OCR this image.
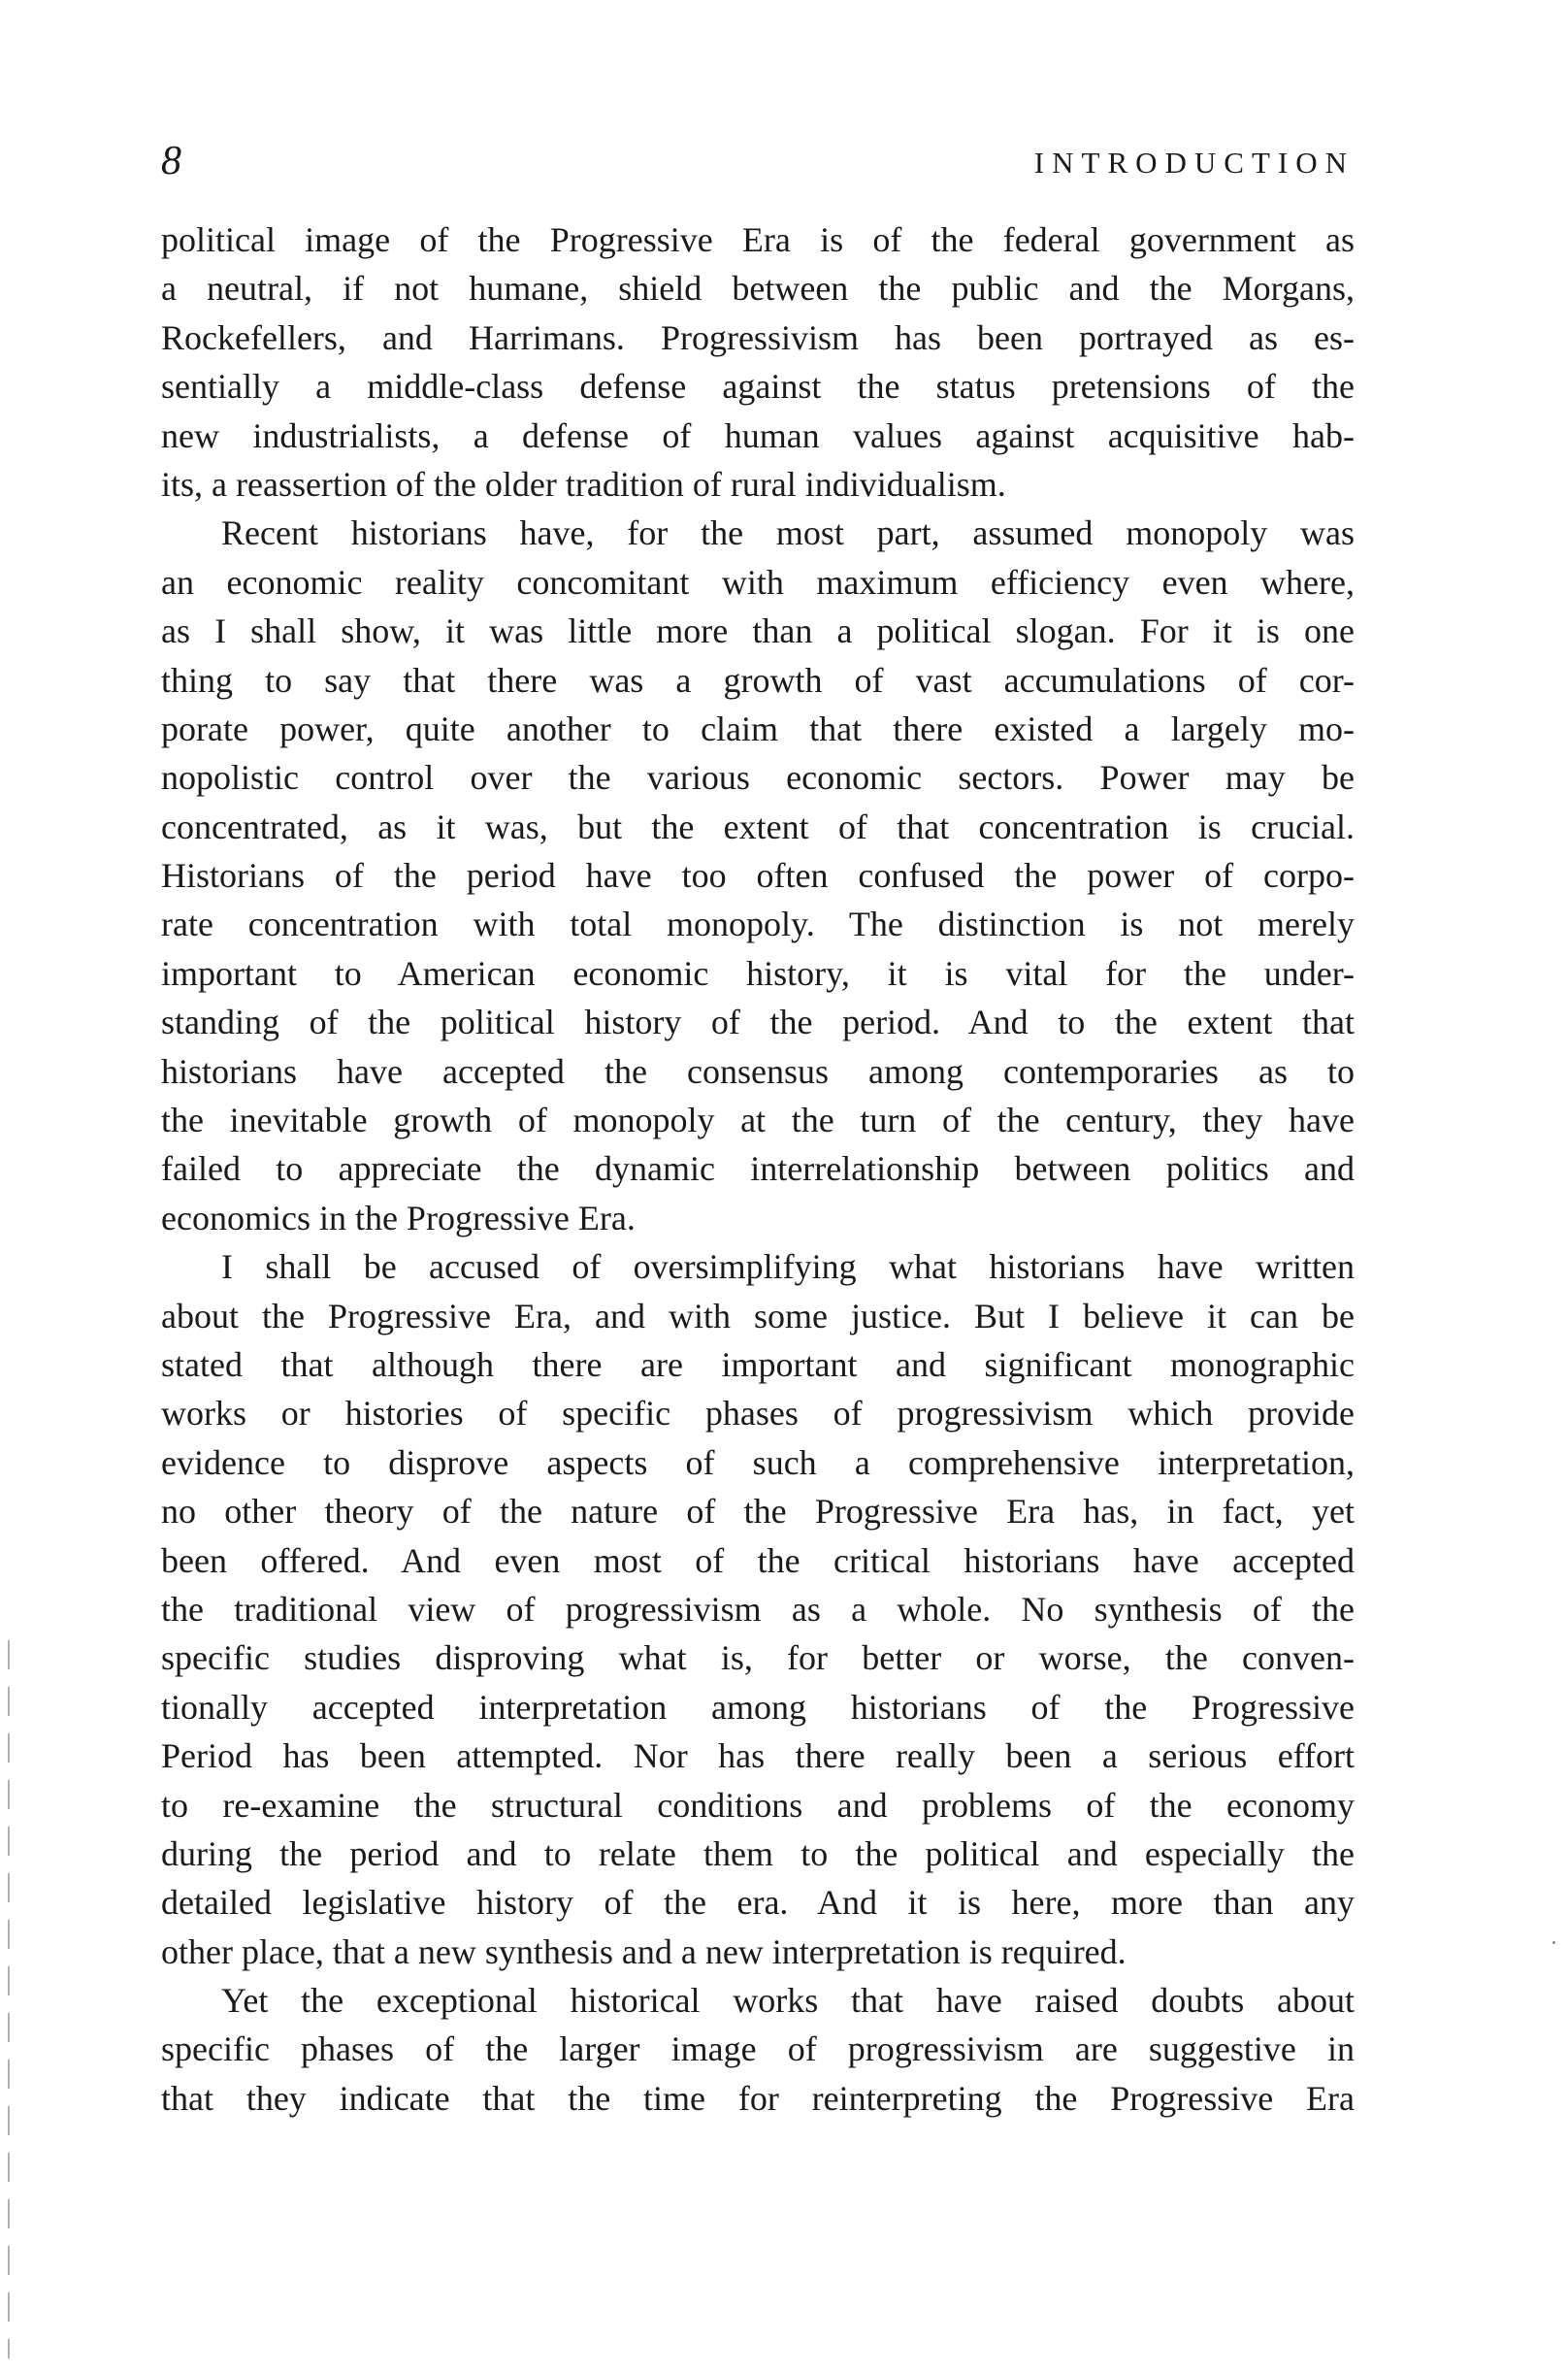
8	INTRODUCTION
political image of the Progressive Era is of the federal government as
a neutral, if not humane, shield between the public and the Morgans,
Rockefellers, and Harrimans. Progressivism has been portrayed as es-
sentially a middle-class defense against the status pretensions of the
new industrialists, a defense of human values against acquisitive hab-
its, a reassertion of the older tradition of rural individualism.
Recent historians have, for the most part, assumed monopoly was
an economic reality concomitant with maximum efficiency even where,
as I shall show, it was little more than a political slogan. For it is one
thing to say that there was a growth of vast accumulations of cor-
porate power, quite another to claim that there existed a largely mo-
nopolistic control over the various economic sectors. Power may be
concentrated, as it was, but the extent of that concentration is crucial.
Historians of the period have too often confused the power of corpo-
rate concentration with total monopoly. The distinction is not merely
important to American economic history, it is vital for the under-
standing of the political history of the period. And to the extent that
historians have accepted the consensus among contemporaries as to
the inevitable growth of monopoly at the turn of the century, they have
failed to appreciate the dynamic interrelationship between politics and
economics in the Progressive Era.
I shall be accused of oversimplifying what historians have written
about the Progressive Era, and with some justice. But I believe it can be
stated that although there are important and significant monographic
works or histories of specific phases of progressivism which provide
evidence to disprove aspects of such a comprehensive interpretation,
no other theory of the nature of the Progressive Era has, in fact, yet
been offered. And even most of the critical historians have accepted
the traditional view of progressivism as a whole. No synthesis of the
specific studies disproving what is, for better or worse, the conven-
tionally accepted interpretation among historians of the Progressive
Period has been attempted. Nor has there really been a serious effort
to re-examine the structural conditions and problems of the economy
during the period and to relate them to the political and especially the
detailed legislative history of the era. And it is here, more than any
other place, that a new synthesis and a new interpretation is required.
Yet the exceptional historical works that have raised doubts about
specific phases of the larger image of progressivism are suggestive in
that they indicate that the time for reinterpreting the Progressive Era
